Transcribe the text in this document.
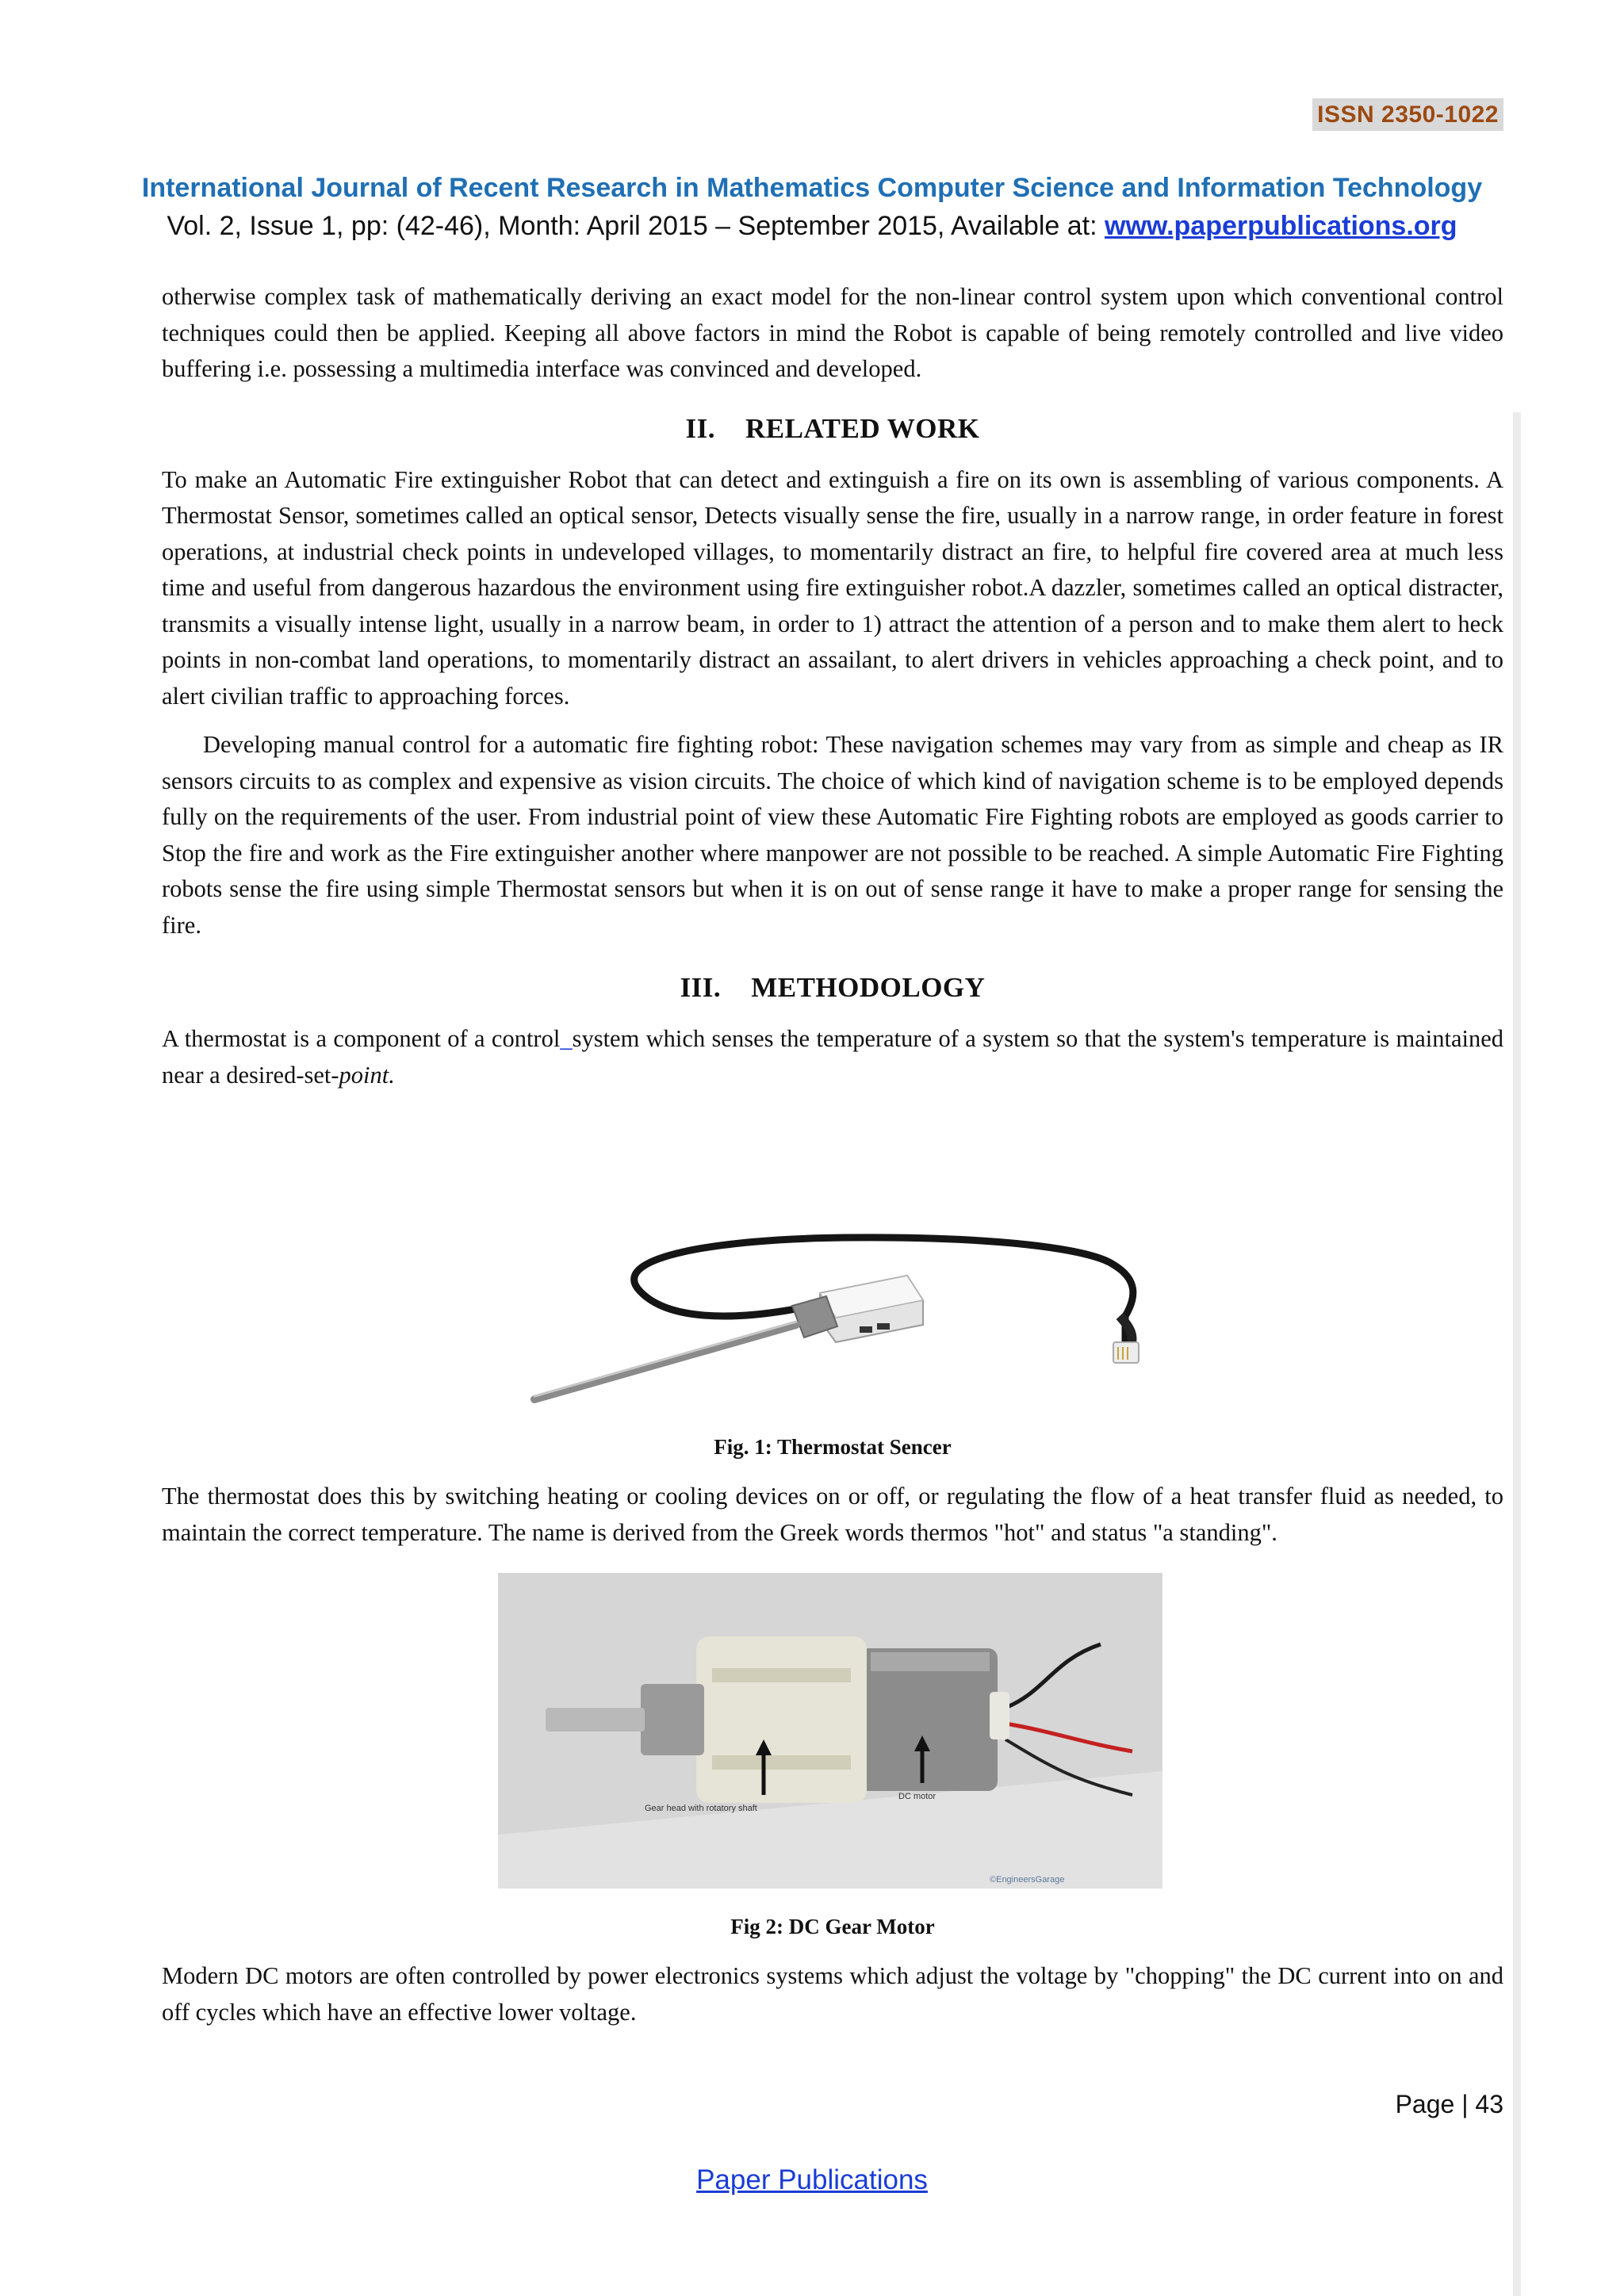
ISSN 2350-1022
International Journal of Recent Research in Mathematics Computer Science and Information Technology
Vol. 2, Issue 1, pp: (42-46), Month: April 2015 – September 2015, Available at: www.paperpublications.org

otherwise complex task of mathematically deriving an exact model for the non-linear control system upon which conventional control techniques could then be applied. Keeping all above factors in mind the Robot is capable of being remotely controlled and live video buffering i.e. possessing a multimedia interface was convinced and developed.

II. RELATED WORK

To make an Automatic Fire extinguisher Robot that can detect and extinguish a fire on its own is assembling of various components. A Thermostat Sensor, sometimes called an optical sensor, Detects visually sense the fire, usually in a narrow range, in order feature in forest operations, at industrial check points in undeveloped villages, to momentarily distract an fire, to helpful fire covered area at much less time and useful from dangerous hazardous the environment using fire extinguisher robot.A dazzler, sometimes called an optical distracter, transmits a visually intense light, usually in a narrow beam, in order to 1) attract the attention of a person and to make them alert to heck points in non-combat land operations, to momentarily distract an assailant, to alert drivers in vehicles approaching a check point, and to alert civilian traffic to approaching forces.

Developing manual control for a automatic fire fighting robot: These navigation schemes may vary from as simple and cheap as IR sensors circuits to as complex and expensive as vision circuits. The choice of which kind of navigation scheme is to be employed depends fully on the requirements of the user. From industrial point of view these Automatic Fire Fighting robots are employed as goods carrier to Stop the fire and work as the Fire extinguisher another where manpower are not possible to be reached. A simple Automatic Fire Fighting robots sense the fire using simple Thermostat sensors but when it is on out of sense range it have to make a proper range for sensing the fire.

III. METHODOLOGY

A thermostat is a component of a control_system which senses the temperature of a system so that the system's temperature is maintained near a desired-set-point.

Fig. 1: Thermostat Sencer

The thermostat does this by switching heating or cooling devices on or off, or regulating the flow of a heat transfer fluid as needed, to maintain the correct temperature. The name is derived from the Greek words thermos "hot" and status "a standing".

Gear head with rotatory shaft
DC motor
©EngineersGarage
Fig 2: DC Gear Motor

Modern DC motors are often controlled by power electronics systems which adjust the voltage by "chopping" the DC current into on and off cycles which have an effective lower voltage.

Page | 43
Paper Publications
